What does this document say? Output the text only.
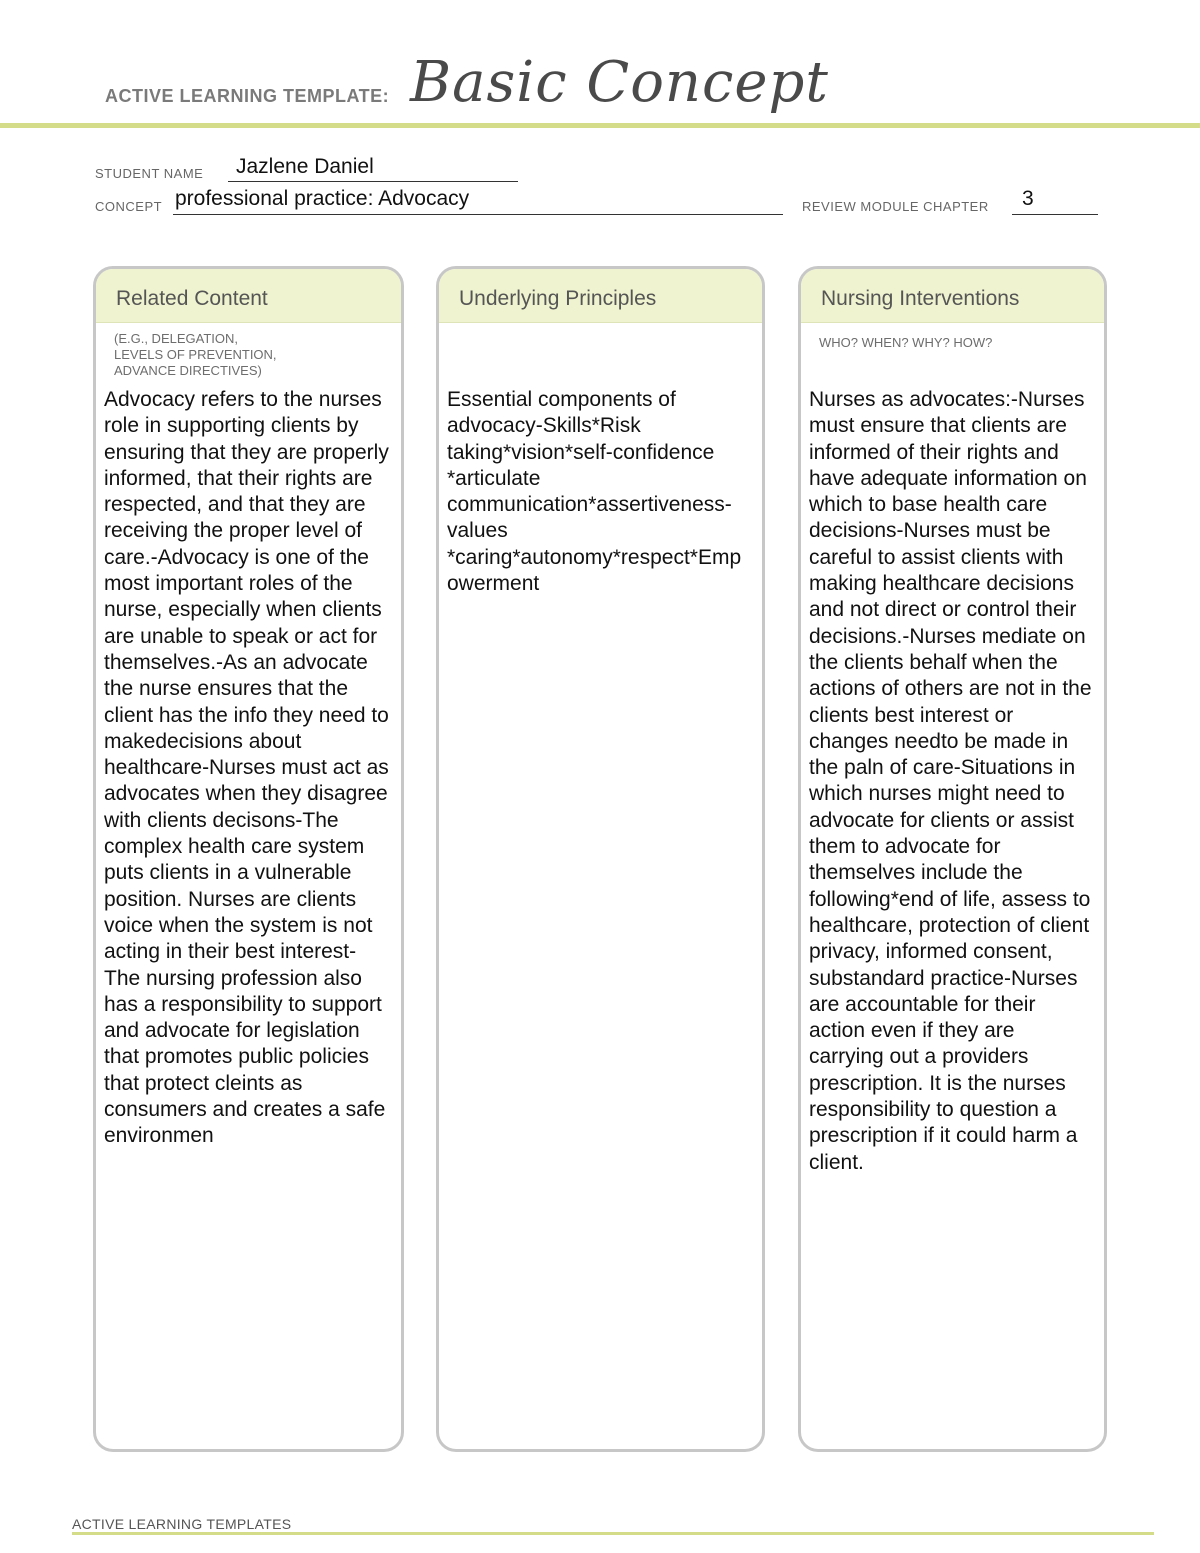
ACTIVE LEARNING TEMPLATE: Basic Concept
STUDENT NAME Jazlene Daniel
CONCEPT professional practice: Advocacy	REVIEW MODULE CHAPTER 3
Related Content
(E.G., DELEGATION,
LEVELS OF PREVENTION,
ADVANCE DIRECTIVES)
Advocacy refers to the nurses role in supporting clients by ensuring that they are properly informed, that their rights are respected, and that they are receiving the proper level of care.-Advocacy is one of the most important roles of the nurse, especially when clients are unable to speak or act for themselves.-As an advocate the nurse ensures that the client has the info they need to makedecisions about healthcare-Nurses must act as advocates when they disagree with clients decisons-The complex health care system puts clients in a vulnerable position. Nurses are clients voice when the system is not acting in their best interest-The nursing profession also has a responsibility to support and advocate for legislation that promotes public policies that protect cleints as consumers and creates a safe environmen
Underlying Principles
Essential components of advocacy-Skills*Risk taking*vision*self-confidence *articulate communication*assertiveness-values *caring*autonomy*respect*Empowerment
Nursing Interventions
WHO? WHEN? WHY? HOW?
Nurses as advocates:-Nurses must ensure that clients are informed of their rights and have adequate information on which to base health care decisions-Nurses must be careful to assist clients with making healthcare decisions and not direct or control their decisions.-Nurses mediate on the clients behalf when the actions of others are not in the clients best interest or changes needto be made in the paln of care-Situations in which nurses might need to advocate for clients or assist them to advocate for themselves include the following*end of life, assess to healthcare, protection of client privacy, informed consent, substandard practice-Nurses are accountable for their action even if they are carrying out a providers prescription. It is the nurses responsibility to question a prescription if it could harm a client.
ACTIVE LEARNING TEMPLATES
